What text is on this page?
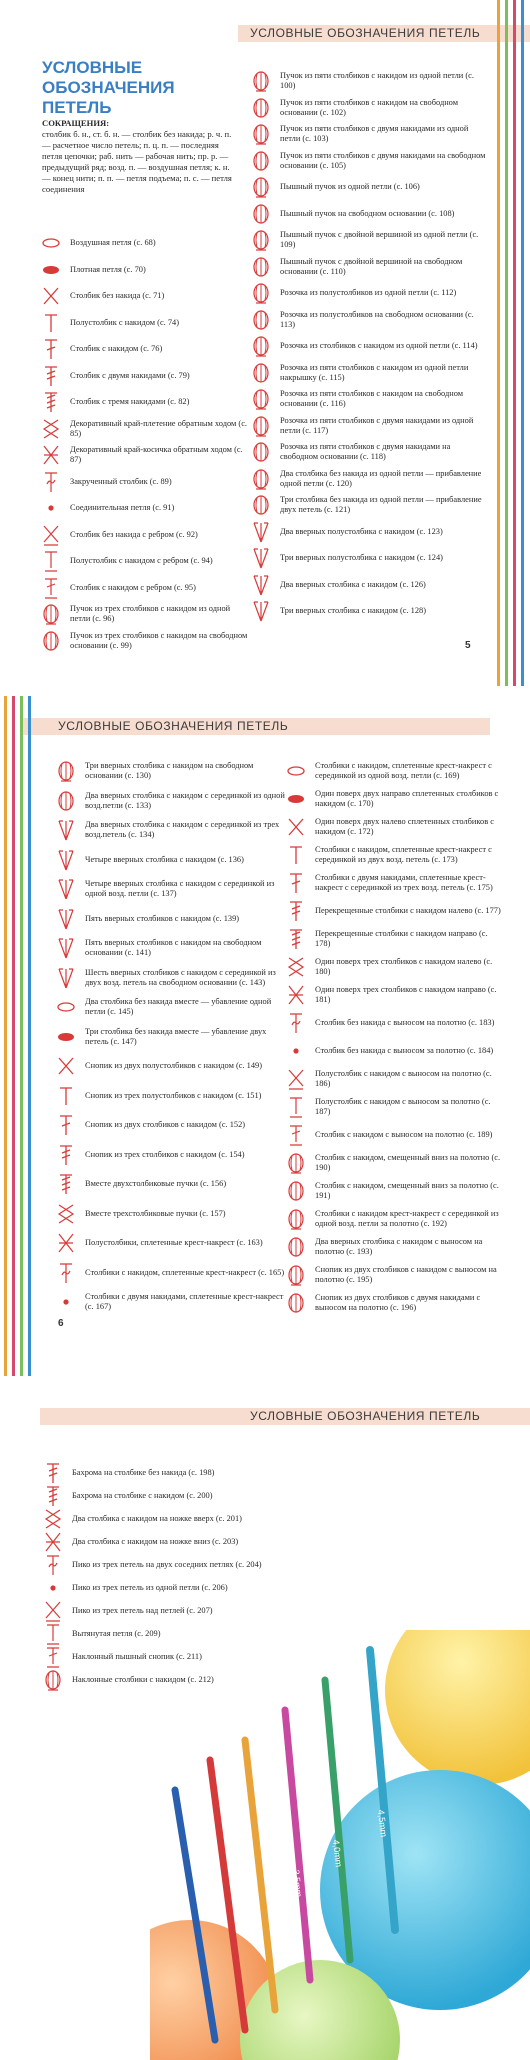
УСЛОВНЫЕ ОБОЗНАЧЕНИЯ ПЕТЕЛЬ
УСЛОВНЫЕ
ОБОЗНАЧЕНИЯ ПЕТЕЛЬ
СОКРАЩЕНИЯ:
столбик б. н., ст. б. н. — столбик без накида; р. ч. п. — расчетное число петель; п. ц. п. — последняя петля цепочки; раб. нить — рабочая нить; пр. р. — предыдущий ряд; возд. п. — воздушная петля; к. н. — конец нити; п. п. — петля подъема; п. с. — петля соединения
Воздушная петля (с. 68)
Плотная петля (с. 70)
Столбик без накида (с. 71)
Полустолбик с накидом (с. 74)
Столбик с накидом (с. 76)
Столбик с двумя накидами (с. 79)
Столбик с тремя накидами (с. 82)
Декоративный край-плетение обратным ходом (с. 85)
Декоративный край-косичка обратным ходом (с. 87)
Закрученный столбик (с. 89)
Соединительная петля (с. 91)
Столбик без накида с ребром (с. 92)
Полустолбик с накидом с ребром (с. 94)
Столбик с накидом с ребром (с. 95)
Пучок из трех столбиков с накидом из одной петли (с. 96)
Пучок из трех столбиков с накидом на свободном основании (с. 99)
Пучок из пяти столбиков с накидом из одной петли (с. 100)
Пучок из пяти столбиков с накидом на свободном основании (с. 102)
Пучок из пяти столбиков с двумя накидами из одной петли (с. 103)
Пучок из пяти столбиков с двумя накидами на свободном основании (с. 105)
Пышный пучок из одной петли (с. 106)
Пышный пучок на свободном основании (с. 108)
Пышный пучок с двойной вершиной из одной петли (с. 109)
Пышный пучок с двойной вершиной на свободном основании (с. 110)
Розочка из полустолбиков из одной петли (с. 112)
Розочка из полустолбиков на свободном основании (с. 113)
Розочка из столбиков с накидом из одной петли (с. 114)
Розочка из пяти столбиков с накидом из одной петли накрышку (с. 115)
Розочка из пяти столбиков с накидом на свободном основании (с. 116)
Розочка из пяти столбиков с двумя накидами из одной петли (с. 117)
Розочка из пяти столбиков с двумя накидами на свободном основании (с. 118)
Два столбика без накида из одной петли — прибавление одной петли (с. 120)
Три столбика без накида из одной петли — прибавление двух петель (с. 121)
Два вверных полустолбика с накидом (с. 123)
Три вверных полустолбика с накидом (с. 124)
Два вверных столбика с накидом (с. 126)
Три вверных столбика с накидом (с. 128)
5
УСЛОВНЫЕ ОБОЗНАЧЕНИЯ ПЕТЕЛЬ
Три вверных столбика с накидом на свободном основании (с. 130)
Два вверных столбика с накидом с серединкой из одной возд.петли (с. 133)
Два вверных столбика с накидом с серединкой из трех возд.петель (с. 134)
Четыре вверных столбика с накидом (с. 136)
Четыре вверных столбика с накидом с серединкой из одной возд. петли (с. 137)
Пять вверных столбиков с накидом (с. 139)
Пять вверных столбиков с накидом на свободном основании (с. 141)
Шесть вверных столбиков с накидом с серединкой из двух возд. петель на свободном основании (с. 143)
Два столбика без накида вместе — убавление одной петли (с. 145)
Три столбика без накида вместе — убавление двух петель (с. 147)
Снопик из двух полустолбиков с накидом (с. 149)
Снопик из трех полустолбиков с накидом (с. 151)
Снопик из двух столбиков с накидом (с. 152)
Снопик из трех столбиков с накидом (с. 154)
Вместе двухстолбиковые пучки (с. 156)
Вместе трехстолбиковые пучки (с. 157)
Полустолбики, сплетенные крест-накрест (с. 163)
Столбики с накидом, сплетенные крест-накрест (с. 165)
Столбики с двумя накидами, сплетенные крест-накрест (с. 167)
Столбики с накидом, сплетенные крест-накрест с серединкой из одной возд. петли (с. 169)
Один поверх двух направо сплетенных столбиков с накидом (с. 170)
Один поверх двух налево сплетенных столбиков с накидом (с. 172)
Столбики с накидом, сплетенные крест-накрест с серединкой из двух возд. петель (с. 173)
Столбики с двумя накидами, сплетенные крест-накрест с серединкой из трех возд. петель (с. 175)
Перекрещенные столбики с накидом налево (с. 177)
Перекрещенные столбики с накидом направо (с. 178)
Один поверх трех столбиков с накидом налево (с. 180)
Один поверх трех столбиков с накидом направо (с. 181)
Столбик без накида с выносом на полотно (с. 183)
Столбик без накида с выносом за полотно (с. 184)
Полустолбик с накидом с выносом на полотно (с. 186)
Полустолбик с накидом с выносом за полотно (с. 187)
Столбик с накидом с выносом на полотно (с. 189)
Столбик с накидом, смещенный вниз на полотно (с. 190)
Столбик с накидом, смещенный вниз за полотно (с. 191)
Столбики с накидом крест-накрест с серединкой из одной возд. петли за полотно (с. 192)
Два вверных столбика с накидом с выносом на полотно (с. 193)
Снопик из двух столбиков с накидом с выносом на полотно (с. 195)
Снопик из двух столбиков с двумя накидами с выносом на полотно (с. 196)
6
УСЛОВНЫЕ ОБОЗНАЧЕНИЯ ПЕТЕЛЬ
Бахрома на столбике без накида (с. 198)
Бахрома на столбике с накидом (с. 200)
Два столбика с накидом на ножке вверх (с. 201)
Два столбика с накидом на ножке вниз (с. 203)
Пико из трех петель на двух соседних петлях (с. 204)
Пико из трех петель из одной петли (с. 206)
Пико из трех петель над петлей (с. 207)
Вытянутая петля (с. 209)
Наклонный пышный снопик (с. 211)
Наклонные столбики с накидом (с. 212)
4,5mm
4,0mm
3,5mm
